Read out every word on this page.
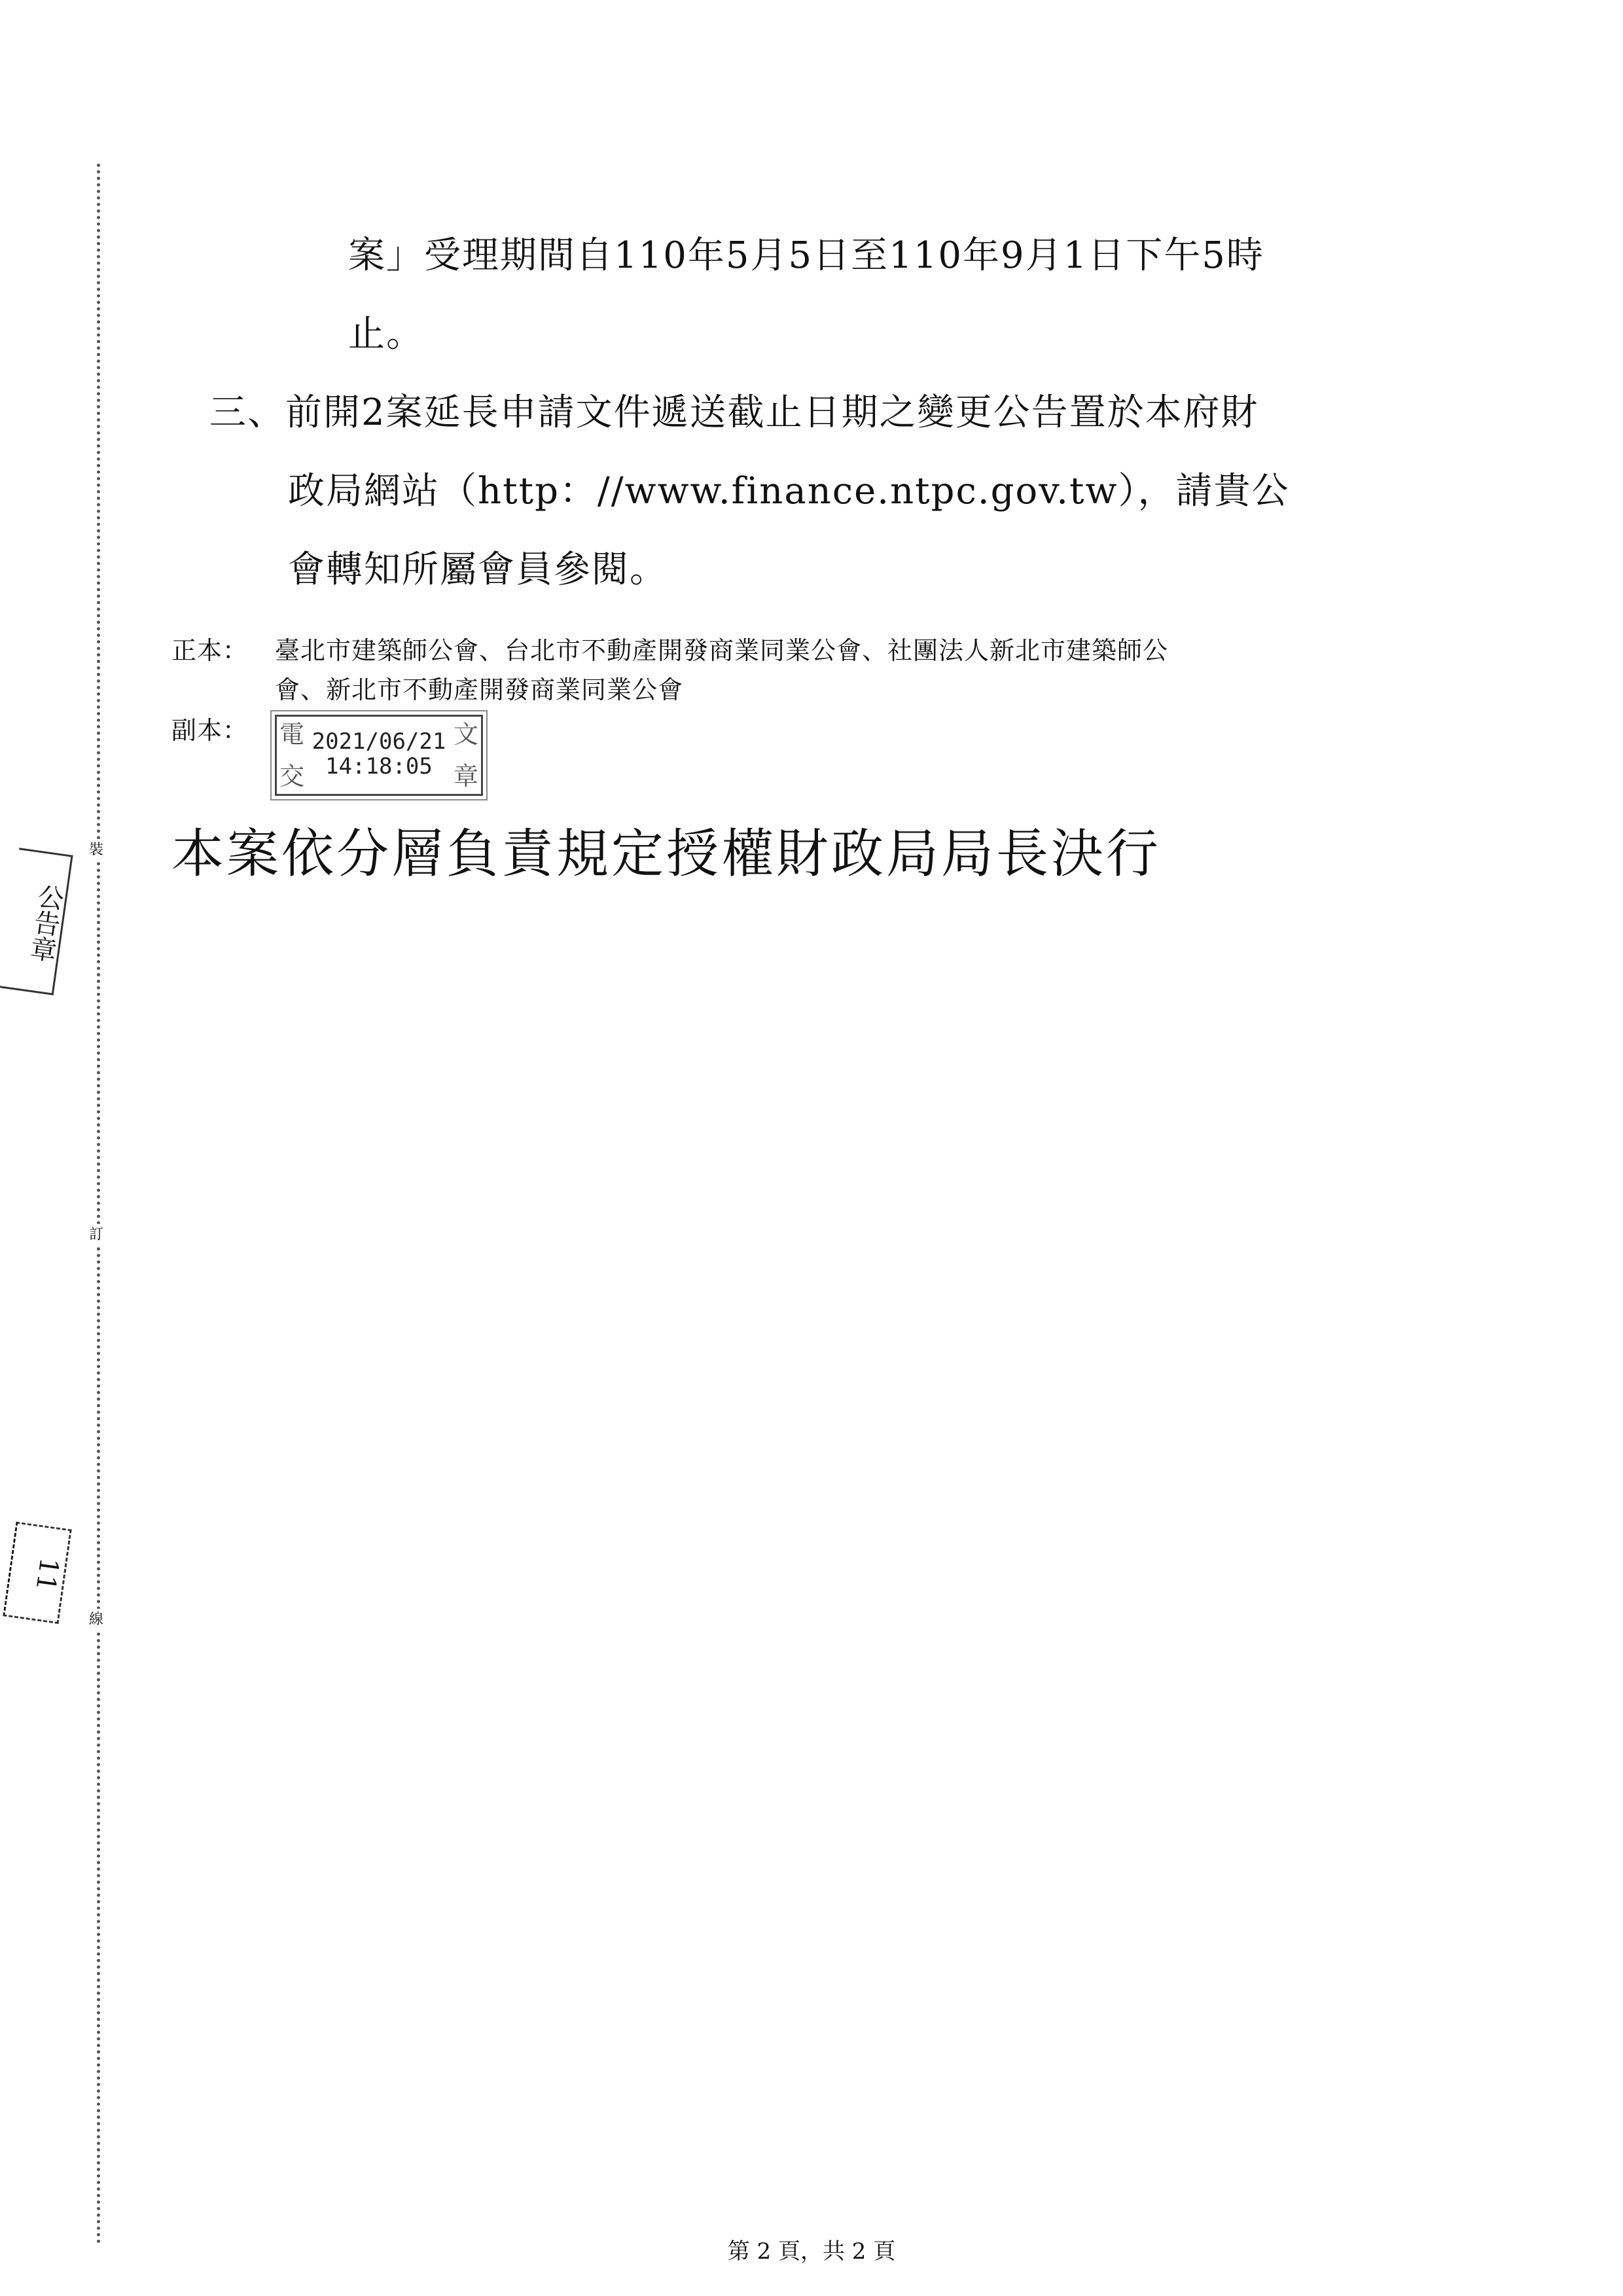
裝
訂
線
公告章
11
案」受理期間自110年5月5日至110年9月1日下午5時
止。
三、前開2案延長申請文件遞送截止日期之變更公告置於本府財
政局網站（http：//www.finance.ntpc.gov.tw），請貴公
會轉知所屬會員參閱。
正本： 臺北市建築師公會、台北市不動產開發商業同業公會、社團法人新北市建築師公
會、新北市不動產開發商業同業公會
副本： 電	文
交	章
2021/06/21
14:18:05
本案依分層負責規定授權財政局局長決行
第 2 頁，共 2 頁
